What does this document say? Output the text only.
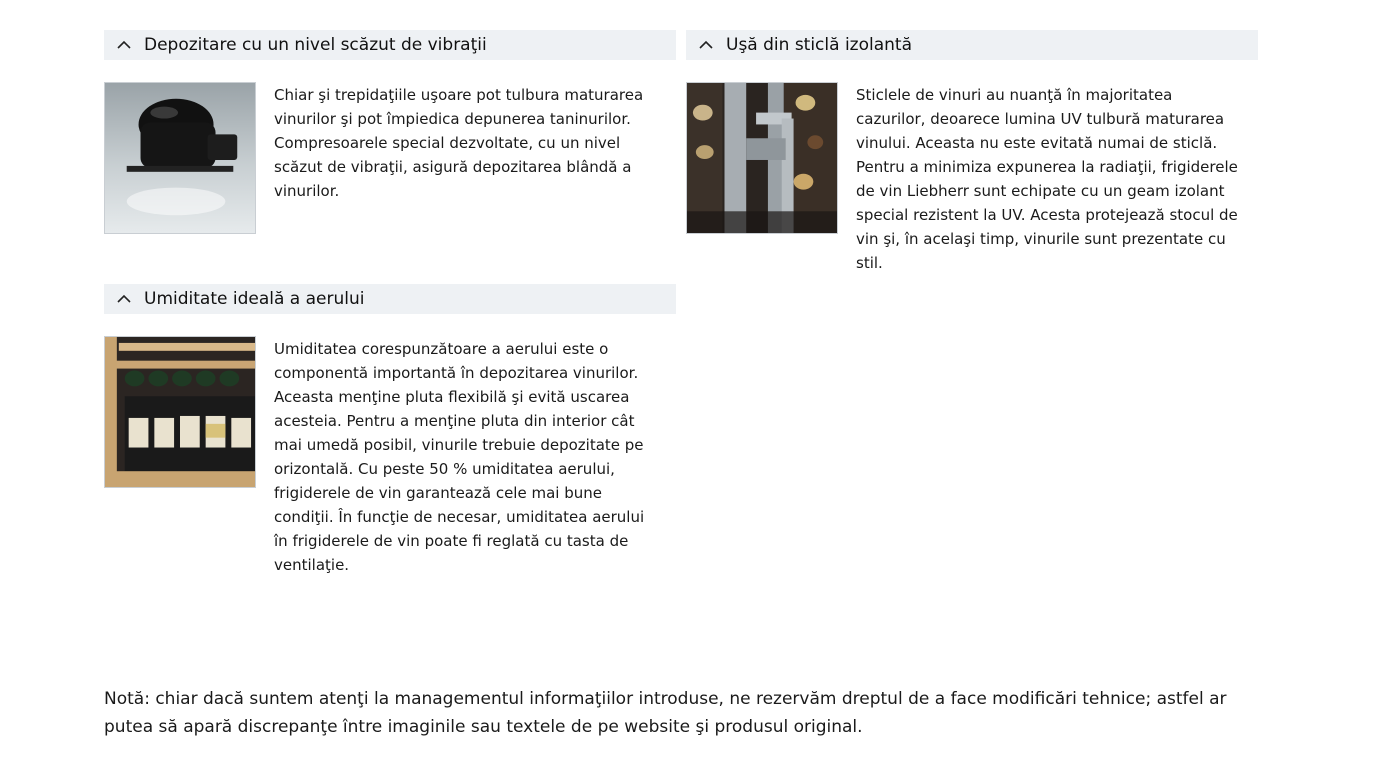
Depozitare cu un nivel scăzut de vibraţii
Chiar şi trepidaţiile uşoare pot tulbura maturarea vinurilor şi pot împiedica depunerea taninurilor. Compresoarele special dezvoltate, cu un nivel scăzut de vibraţii, asigură depozitarea blândă a vinurilor.
Uşă din sticlă izolantă
Sticlele de vinuri au nuanţă în majoritatea cazurilor, deoarece lumina UV tulbură maturarea vinului. Aceasta nu este evitată numai de sticlă. Pentru a minimiza expunerea la radiaţii, frigiderele de vin Liebherr sunt echipate cu un geam izolant special rezistent la UV. Acesta protejează stocul de vin şi, în acelaşi timp, vinurile sunt prezentate cu stil.
Umiditate ideală a aerului
Umiditatea corespunzătoare a aerului este o componentă importantă în depozitarea vinurilor. Aceasta menţine pluta flexibilă şi evită uscarea acesteia. Pentru a menţine pluta din interior cât mai umedă posibil, vinurile trebuie depozitate pe orizontală. Cu peste 50 % umiditatea aerului, frigiderele de vin garantează cele mai bune condiţii. În funcţie de necesar, umiditatea aerului în frigiderele de vin poate fi reglată cu tasta de ventilaţie.
Notă: chiar dacă suntem atenţi la managementul informaţiilor introduse, ne rezervăm dreptul de a face modificări tehnice; astfel ar putea să apară discrepanţe între imaginile sau textele de pe website şi produsul original.
